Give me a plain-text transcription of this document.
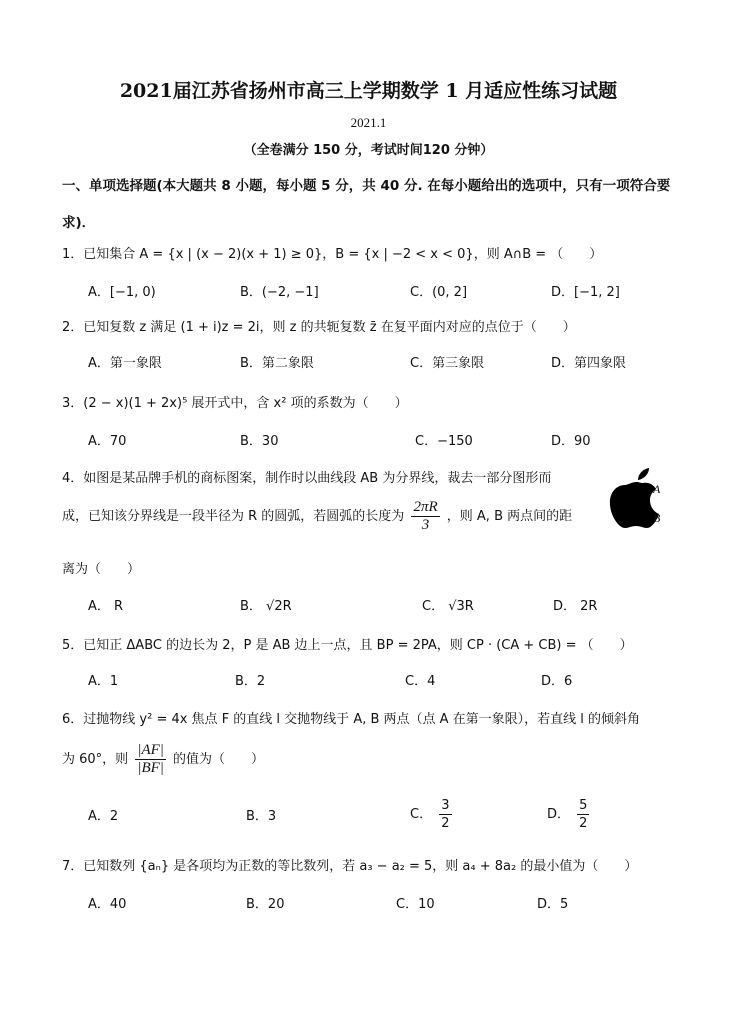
2021届江苏省扬州市高三上学期数学 1 月适应性练习试题
2021.1
（全卷满分 150 分，考试时间120 分钟）
一、单项选择题(本大题共 8 小题，每小题 5 分，共 40 分. 在每小题给出的选项中，只有一项符合要求)．
1．已知集合 A = {x | (x − 2)(x + 1) ≥ 0}，B = {x | −2 < x < 0}，则 A∩B = （　　）
A．[−1, 0)	B．(−2, −1]	C．(0, 2]	D．[−1, 2]
2．已知复数 z 满足 (1 + i)z = 2i，则 z 的共轭复数 z̄ 在复平面内对应的点位于（　　）
A．第一象限	B．第二象限	C．第三象限	D．第四象限
3．(2 − x)(1 + 2x)⁵ 展开式中，含 x² 项的系数为（　　）
A．70	B．30	C．−150	D．90
4．如图是某品牌手机的商标图案，制作时以曲线段 AB 为分界线，裁去一部分图形而
成，已知该分界线是一段半径为 R 的圆弧，若圆弧的长度为 $\frac{2\pi R}{3}$ ，则 A, B 两点间的距
离为（　　）
A
B
A． R	B． √2R	C． √3R	D． 2R
5．已知正 ΔABC 的边长为 2，P 是 AB 边上一点，且 BP = 2PA，则 CP · (CA + CB) = （　　）
A．1	B．2	C．4	D．6
6．过抛物线 y² = 4x 焦点 F 的直线 l 交抛物线于 A, B 两点（点 A 在第一象限），若直线 l 的倾斜角
为 60°，则 $\frac{|AF|}{|BF|}$ 的值为（　　）
A．2	B．3	C． $\frac{3}{2}$	D． $\frac{5}{2}$
7．已知数列 {aₙ} 是各项均为正数的等比数列，若 a₃ − a₂ = 5，则 a₄ + 8a₂ 的最小值为（　　）
A．40	B．20	C．10	D．5
